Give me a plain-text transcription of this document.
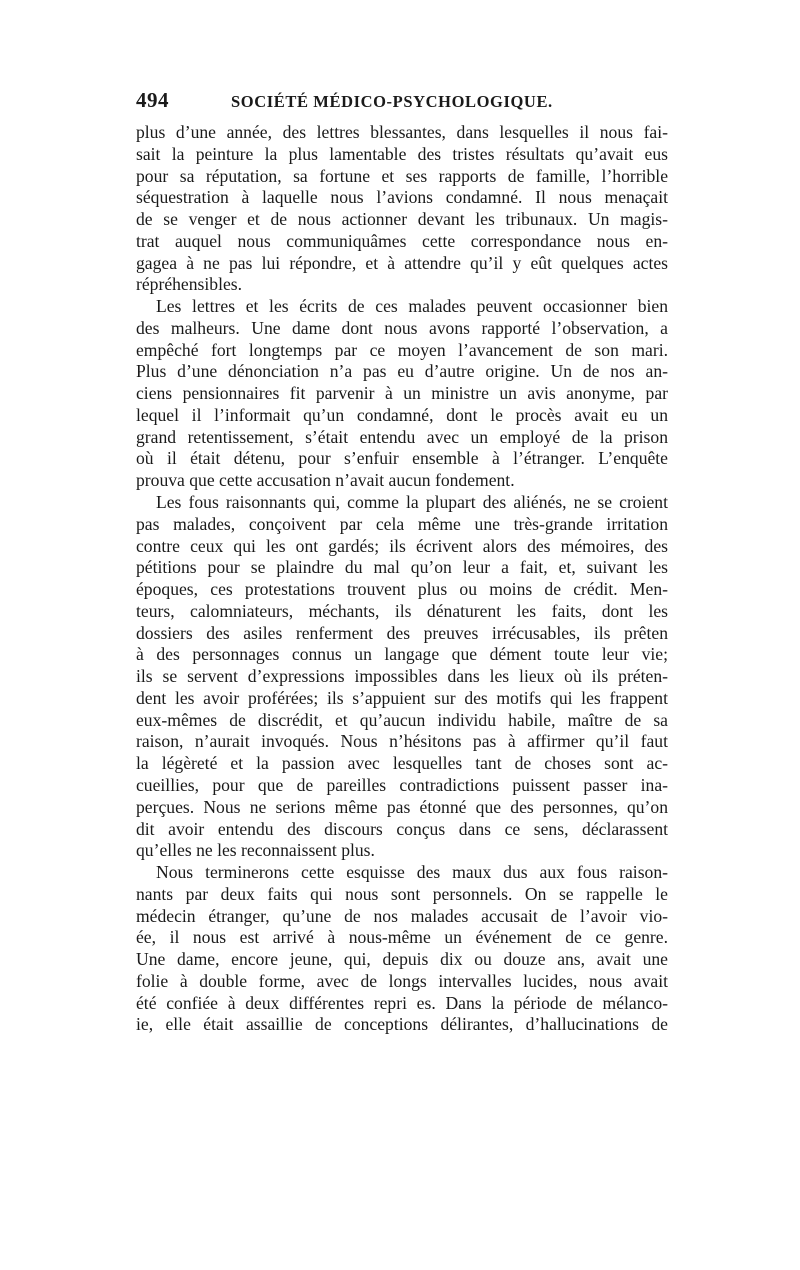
494	SOCIÉTÉ MÉDICO-PSYCHOLOGIQUE.
plus d’une année, des lettres blessantes, dans lesquelles il nous fai-
sait la peinture la plus lamentable des tristes résultats qu’avait eus
pour sa réputation, sa fortune et ses rapports de famille, l’horrible
séquestration à laquelle nous l’avions condamné. Il nous menaçait
de se venger et de nous actionner devant les tribunaux. Un magis-
trat auquel nous communiquâmes cette correspondance nous en-
gagea à ne pas lui répondre, et à attendre qu’il y eût quelques actes
répréhensibles.
Les lettres et les écrits de ces malades peuvent occasionner bien
des malheurs. Une dame dont nous avons rapporté l’observation, a
empêché fort longtemps par ce moyen l’avancement de son mari.
Plus d’une dénonciation n’a pas eu d’autre origine. Un de nos an-
ciens pensionnaires fit parvenir à un ministre un avis anonyme, par
lequel il l’informait qu’un condamné, dont le procès avait eu un
grand retentissement, s’était entendu avec un employé de la prison
où il était détenu, pour s’enfuir ensemble à l’étranger. L’enquête
prouva que cette accusation n’avait aucun fondement.
Les fous raisonnants qui, comme la plupart des aliénés, ne se croient
pas malades, conçoivent par cela même une très-grande irritation
contre ceux qui les ont gardés; ils écrivent alors des mémoires, des
pétitions pour se plaindre du mal qu’on leur a fait, et, suivant les
époques, ces protestations trouvent plus ou moins de crédit. Men-
teurs, calomniateurs, méchants, ils dénaturent les faits, dont les
dossiers des asiles renferment des preuves irrécusables, ils prêten
à des personnages connus un langage que dément toute leur vie;
ils se servent d’expressions impossibles dans les lieux où ils préten-
dent les avoir proférées; ils s’appuient sur des motifs qui les frappent
eux-mêmes de discrédit, et qu’aucun individu habile, maître de sa
raison, n’aurait invoqués. Nous n’hésitons pas à affirmer qu’il faut
la légèreté et la passion avec lesquelles tant de choses sont ac-
cueillies, pour que de pareilles contradictions puissent passer ina-
perçues. Nous ne serions même pas étonné que des personnes, qu’on
dit avoir entendu des discours conçus dans ce sens, déclarassent
qu’elles ne les reconnaissent plus.
Nous terminerons cette esquisse des maux dus aux fous raison-
nants par deux faits qui nous sont personnels. On se rappelle le
médecin étranger, qu’une de nos malades accusait de l’avoir vio-
ée, il nous est arrivé à nous-même un événement de ce genre.
Une dame, encore jeune, qui, depuis dix ou douze ans, avait une
folie à double forme, avec de longs intervalles lucides, nous avait
été confiée à deux différentes repri es. Dans la période de mélanco-
ie, elle était assaillie de conceptions délirantes, d’hallucinations de
